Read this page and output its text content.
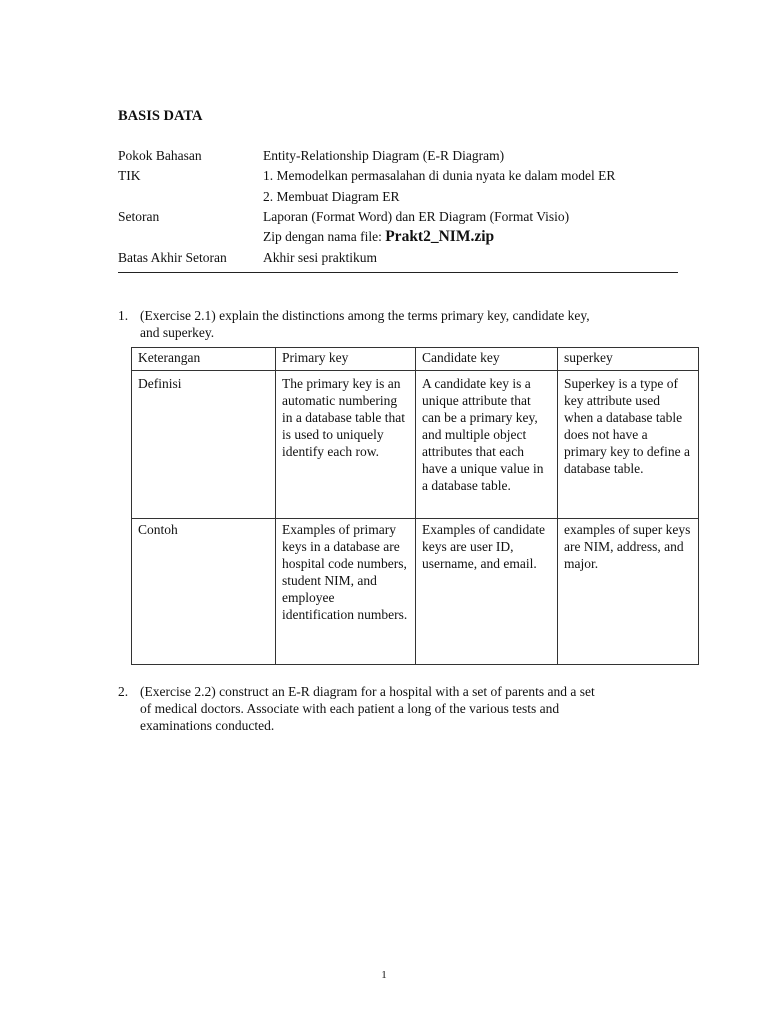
BASIS DATA
Pokok Bahasan	Entity-Relationship Diagram (E-R Diagram)
TIK	1. Memodelkan permasalahan di dunia nyata ke dalam model ER
2. Membuat Diagram ER
Setoran	Laporan (Format Word) dan ER Diagram (Format Visio)
Zip dengan nama file: Prakt2_NIM.zip
Batas Akhir Setoran	Akhir sesi praktikum
1. (Exercise 2.1) explain the distinctions among the terms primary key, candidate key,
and superkey.
Keterangan	Primary key	Candidate key	superkey
Definisi	The primary key is an automatic numbering in a database table that is used to uniquely identify each row.	A candidate key is a unique attribute that can be a primary key, and multiple object attributes that each have a unique value in a database table.	Superkey is a type of key attribute used when a database table does not have a primary key to define a database table.
Contoh	Examples of primary keys in a database are hospital code numbers, student NIM, and employee identification numbers.	Examples of candidate keys are user ID, username, and email.	examples of super keys are NIM, address, and major.
2. (Exercise 2.2) construct an E-R diagram for a hospital with a set of parents and a set
of medical doctors. Associate with each patient a long of the various tests and
examinations conducted.
1
